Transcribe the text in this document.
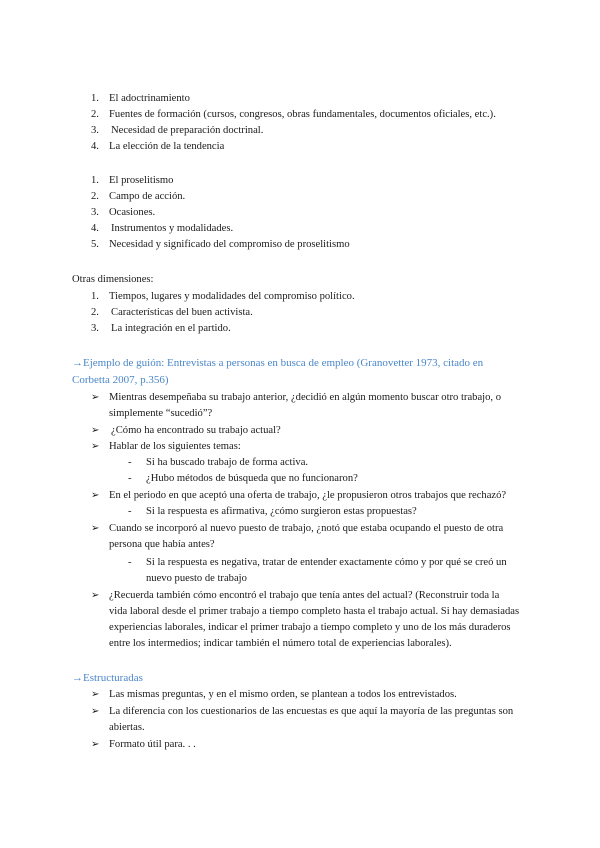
1. El adoctrinamiento
2. Fuentes de formación (cursos, congresos, obras fundamentales, documentos oficiales, etc.).
3. Necesidad de preparación doctrinal.
4. La elección de la tendencia
1. El proselitismo
2. Campo de acción.
3. Ocasiones.
4. Instrumentos y modalidades.
5. Necesidad y significado del compromiso de proselitismo
Otras dimensiones:
1. Tiempos, lugares y modalidades del compromiso político.
2. Características del buen activista.
3. La integración en el partido.
→Ejemplo de guión: Entrevistas a personas en busca de empleo (Granovetter 1973, citado en
Corbetta 2007, p.356)
➢ Mientras desempeñaba su trabajo anterior, ¿decidió en algún momento buscar otro trabajo, o
simplemente “sucedió”?
➢ ¿Cómo ha encontrado su trabajo actual?
➢ Hablar de los siguientes temas:
- Si ha buscado trabajo de forma activa.
- ¿Hubo métodos de búsqueda que no funcionaron?
➢ En el periodo en que aceptó una oferta de trabajo, ¿le propusieron otros trabajos que rechazó?
- Si la respuesta es afirmativa, ¿cómo surgieron estas propuestas?
➢ Cuando se incorporó al nuevo puesto de trabajo, ¿notó que estaba ocupando el puesto de otra
persona que había antes?
- Si la respuesta es negativa, tratar de entender exactamente cómo y por qué se creó un
nuevo puesto de trabajo
➢ ¿Recuerda también cómo encontró el trabajo que tenía antes del actual? (Reconstruir toda la
vida laboral desde el primer trabajo a tiempo completo hasta el trabajo actual. Si hay demasiadas
experiencias laborales, indicar el primer trabajo a tiempo completo y uno de los más duraderos
entre los intermedios; indicar también el número total de experiencias laborales).
→Estructuradas
➢ Las mismas preguntas, y en el mismo orden, se plantean a todos los entrevistados.
➢ La diferencia con los cuestionarios de las encuestas es que aquí la mayoría de las preguntas son
abiertas.
➢ Formato útil para. . .
